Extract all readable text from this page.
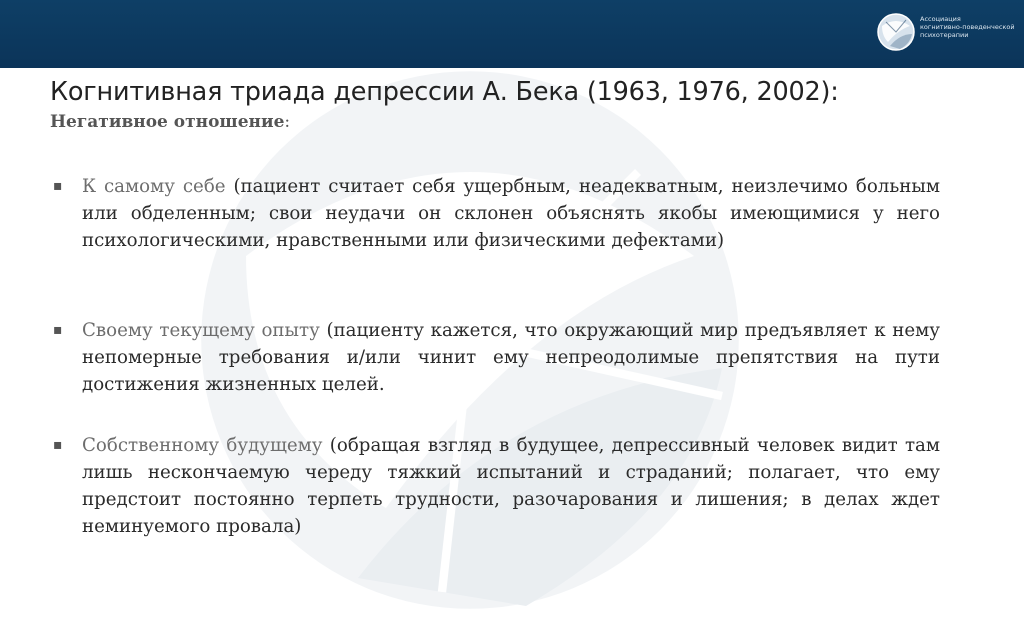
Ассоциация
когнитивно-поведенческой
психотерапии
Когнитивная триада депрессии А. Бека (1963, 1976, 2002):

Негативное отношение:

▪ К самому себе (пациент считает себя ущербным, неадекватным, неизлечимо больным или обделенным; свои неудачи он склонен объяснять якобы имеющимися у него психологическими, нравственными или физическими дефектами)
▪ Своему текущему опыту (пациенту кажется, что окружающий мир предъявляет к нему непомерные требования и/или чинит ему непреодолимые препятствия на пути достижения жизненных целей.
▪ Собственному будущему (обращая взгляд в будущее, депрессивный человек видит там лишь нескончаемую череду тяжкий испытаний и страданий; полагает, что ему предстоит постоянно терпеть трудности, разочарования и лишения; в делах ждет неминуемого провала)
